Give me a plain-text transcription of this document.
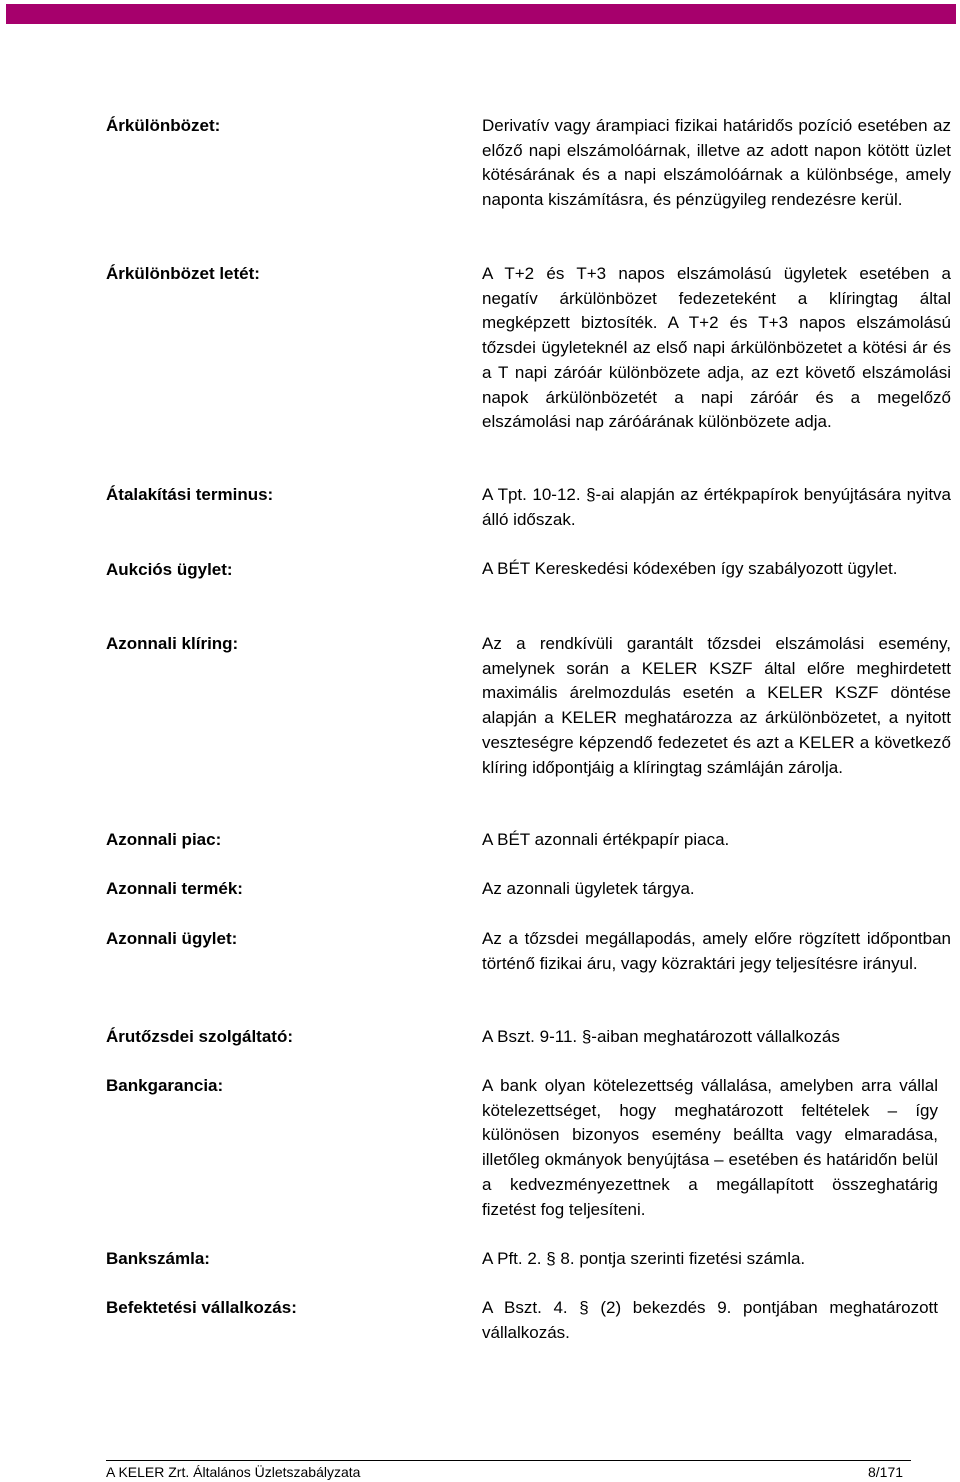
Árkülönbözet:	Derivatív vagy árampiaci fizikai határidős pozíció esetében az előző napi elszámolóárnak, illetve az adott napon kötött üzlet kötésárának és a napi elszámolóárnak a különbsége, amely naponta kiszámításra, és pénzügyileg rendezésre kerül.
Árkülönbözet letét:	A T+2 és T+3 napos elszámolású ügyletek esetében a negatív árkülönbözet fedezeteként a klíringtag által megképzett biztosíték. A T+2 és T+3 napos elszámolású tőzsdei ügyleteknél az első napi árkülönbözetet a kötési ár és a T napi záróár különbözete adja, az ezt követő elszámolási napok árkülönbözetét a napi záróár és a megelőző elszámolási nap záróárának különbözete adja.
Átalakítási terminus:	A Tpt. 10-12. §-ai alapján az értékpapírok benyújtására nyitva álló időszak.
Aukciós ügylet:	A BÉT Kereskedési kódexében így szabályozott ügylet.
Azonnali klíring:	Az a rendkívüli garantált tőzsdei elszámolási esemény, amelynek során a KELER KSZF által előre meghirdetett maximális árelmozdulás esetén a KELER KSZF döntése alapján a KELER meghatározza az árkülönbözetet, a nyitott veszteségre képzendő fedezetet és azt a KELER a következő klíring időpontjáig a klíringtag számláján zárolja.
Azonnali piac:	A BÉT azonnali értékpapír piaca.
Azonnali termék:	Az azonnali ügyletek tárgya.
Azonnali ügylet:	Az a tőzsdei megállapodás, amely előre rögzített időpontban történő fizikai áru, vagy közraktári jegy teljesítésre irányul.
Árutőzsdei szolgáltató:	A Bszt. 9-11. §-aiban meghatározott vállalkozás
Bankgarancia:	A bank olyan kötelezettség vállalása, amelyben arra vállal kötelezettséget, hogy meghatározott feltételek – így különösen bizonyos esemény beállta vagy elmaradása, illetőleg okmányok benyújtása – esetében és határidőn belül a kedvezményezettnek a megállapított összeghatárig fizetést fog teljesíteni.
Bankszámla:	A Pft. 2. § 8. pontja szerinti fizetési számla.
Befektetési vállalkozás:	A Bszt. 4. § (2) bekezdés 9. pontjában meghatározott vállalkozás.
A KELER Zrt. Általános Üzletszabályzata	8/171
